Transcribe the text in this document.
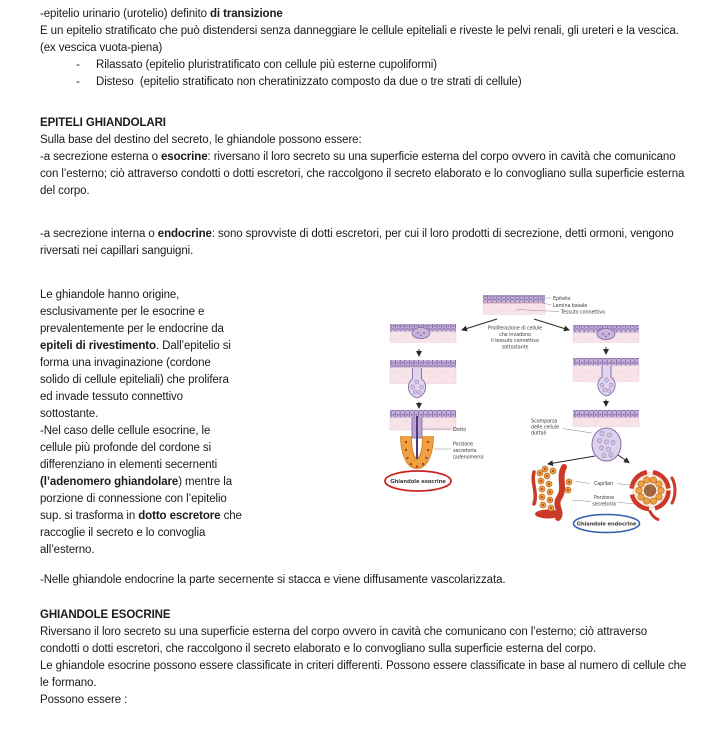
-epitelio urinario (urotelio) definito di transizione
E un epitelio stratificato che può distendersi senza danneggiare le cellule epiteliali e riveste le pelvi renali, gli ureteri e la vescica. (ex vescica vuota-piena)
-	Rilassato (epitelio pluristratificato con cellule più esterne cupoliformi)
-	Disteso  (epitelio stratificato non cheratinizzato composto da due o tre strati di cellule)
EPITELI GHIANDOLARI
Sulla base del destino del secreto, le ghiandole possono essere:
-a secrezione esterna o esocrine: riversano il loro secreto su una superficie esterna del corpo ovvero in cavità che comunicano con l’esterno; ciò attraverso condotti o dotti escretori, che raccolgono il secreto elaborato e lo convogliano sulla superficie esterna del corpo.
-a secrezione interna o endocrine: sono sprovviste di dotti escretori, per cui il loro prodotti di secrezione, detti ormoni, vengono riversati nei capillari sanguigni.
Le ghiandole hanno origine,
esclusivamente per le esocrine e
prevalentemente per le endocrine da
epiteli di rivestimento. Dall’epitelio si
forma una invaginazione (cordone
solido di cellule epiteliali) che prolifera
ed invade tessuto connettivo
sottostante.
-Nel caso delle cellule esocrine, le
cellule più profonde del cordone si
differenziano in elementi secernenti
(l’adenomero ghiandolare) mentre la
porzione di connessione con l’epitelio
sup. si trasforma in dotto escretore che
raccoglie il secreto e lo convoglia
all’esterno.
-Nelle ghiandole endocrine la parte secernente si stacca e viene diffusamente vascolarizzata.
GHIANDOLE ESOCRINE
Riversano il loro secreto su una superficie esterna del corpo ovvero in cavità che comunicano con l’esterno; ciò attraverso condotti o dotti escretori, che raccolgono il secreto elaborato e lo convogliano sulla superficie esterna del corpo.
Le ghiandole esocrine possono essere classificate in criteri differenti. Possono essere classificate in base al numero di cellule che le formano.
Possono essere :
Epitelio
Lamina basale
Tessuto connettivo
Proliferazione di cellule
che invadono
il tessuto connettivo
sottostante
Dotto
Porzione
secretoria
(adenomero)
Ghiandole esocrine
Scomparsa
delle cellule
duttali
Capillari
Porzione
secretoria
Ghiandole endocrine
